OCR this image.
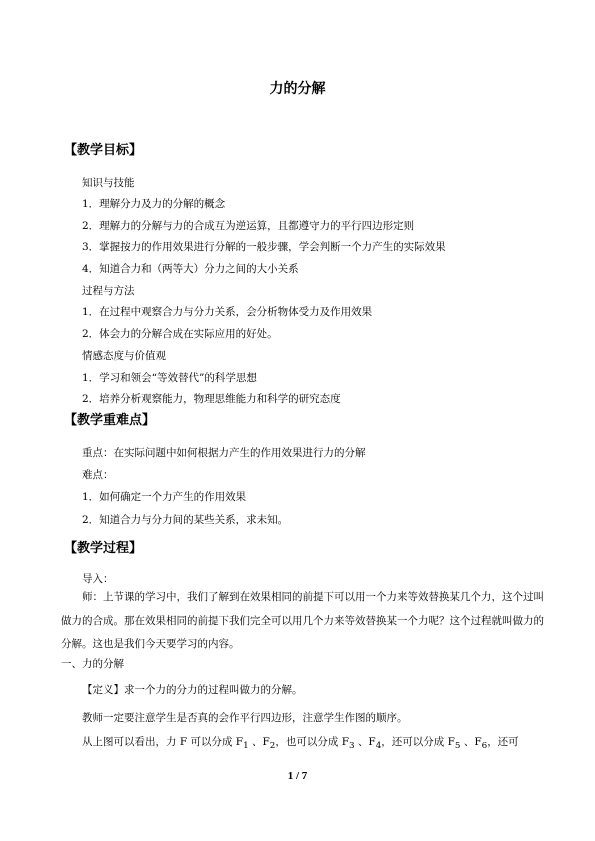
力的分解
【教学目标】
知识与技能
1．理解分力及力的分解的概念
2．理解力的分解与力的合成互为逆运算，且都遵守力的平行四边形定则
3．掌握按力的作用效果进行分解的一般步骤，学会判断一个力产生的实际效果
4．知道合力和（两等大）分力之间的大小关系
过程与方法
1．在过程中观察合力与分力关系，会分析物体受力及作用效果
2．体会力的分解合成在实际应用的好处。
情感态度与价值观
1．学习和领会“等效替代”的科学思想
2．培养分析观察能力，物理思维能力和科学的研究态度
【教学重难点】
重点：在实际问题中如何根据力产生的作用效果进行力的分解
难点：
1．如何确定一个力产生的作用效果
2．知道合力与分力间的某些关系，求未知。
【教学过程】
导入：
师：上节课的学习中，我们了解到在效果相同的前提下可以用一个力来等效替换某几个力，这个过叫做力的合成。那在效果相同的前提下我们完全可以用几个力来等效替换某一个力呢？这个过程就叫做力的分解。这也是我们今天要学习的内容。
一、力的分解
【定义】求一个力的分力的过程叫做力的分解。
教师一定要注意学生是否真的会作平行四边形，注意学生作图的顺序。
从上图可以看出，力 F 可以分成 $F_1$ 、$F_2$，也可以分成 $F_3$ 、$F_4$，还可以分成 $F_5$ 、$F_6$，还可
1 / 7
